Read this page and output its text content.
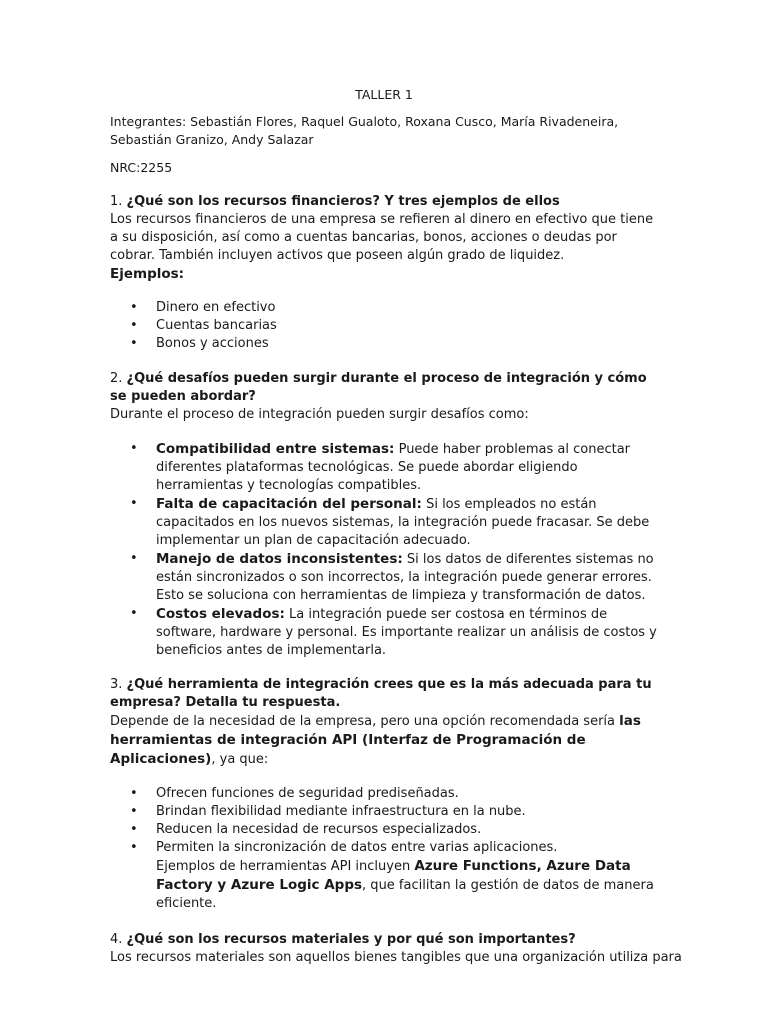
TALLER 1

Integrantes: Sebastián Flores, Raquel Gualoto, Roxana Cusco, María Rivadeneira, Sebastián Granizo, Andy Salazar

NRC:2255

1. ¿Qué son los recursos financieros? Y tres ejemplos de ellos

Los recursos financieros de una empresa se refieren al dinero en efectivo que tiene a su disposición, así como a cuentas bancarias, bonos, acciones o deudas por cobrar. También incluyen activos que poseen algún grado de liquidez.

Ejemplos:

• Dinero en efectivo
• Cuentas bancarias
• Bonos y acciones

2. ¿Qué desafíos pueden surgir durante el proceso de integración y cómo se pueden abordar?

Durante el proceso de integración pueden surgir desafíos como:

• Compatibilidad entre sistemas: Puede haber problemas al conectar diferentes plataformas tecnológicas. Se puede abordar eligiendo herramientas y tecnologías compatibles.
• Falta de capacitación del personal: Si los empleados no están capacitados en los nuevos sistemas, la integración puede fracasar. Se debe implementar un plan de capacitación adecuado.
• Manejo de datos inconsistentes: Si los datos de diferentes sistemas no están sincronizados o son incorrectos, la integración puede generar errores. Esto se soluciona con herramientas de limpieza y transformación de datos.
• Costos elevados: La integración puede ser costosa en términos de software, hardware y personal. Es importante realizar un análisis de costos y beneficios antes de implementarla.

3. ¿Qué herramienta de integración crees que es la más adecuada para tu empresa? Detalla tu respuesta.

Depende de la necesidad de la empresa, pero una opción recomendada sería las herramientas de integración API (Interfaz de Programación de Aplicaciones), ya que:

• Ofrecen funciones de seguridad prediseñadas.
• Brindan flexibilidad mediante infraestructura en la nube.
• Reducen la necesidad de recursos especializados.
• Permiten la sincronización de datos entre varias aplicaciones.
Ejemplos de herramientas API incluyen Azure Functions, Azure Data Factory y Azure Logic Apps, que facilitan la gestión de datos de manera eficiente.

4. ¿Qué son los recursos materiales y por qué son importantes?

Los recursos materiales son aquellos bienes tangibles que una organización utiliza para
